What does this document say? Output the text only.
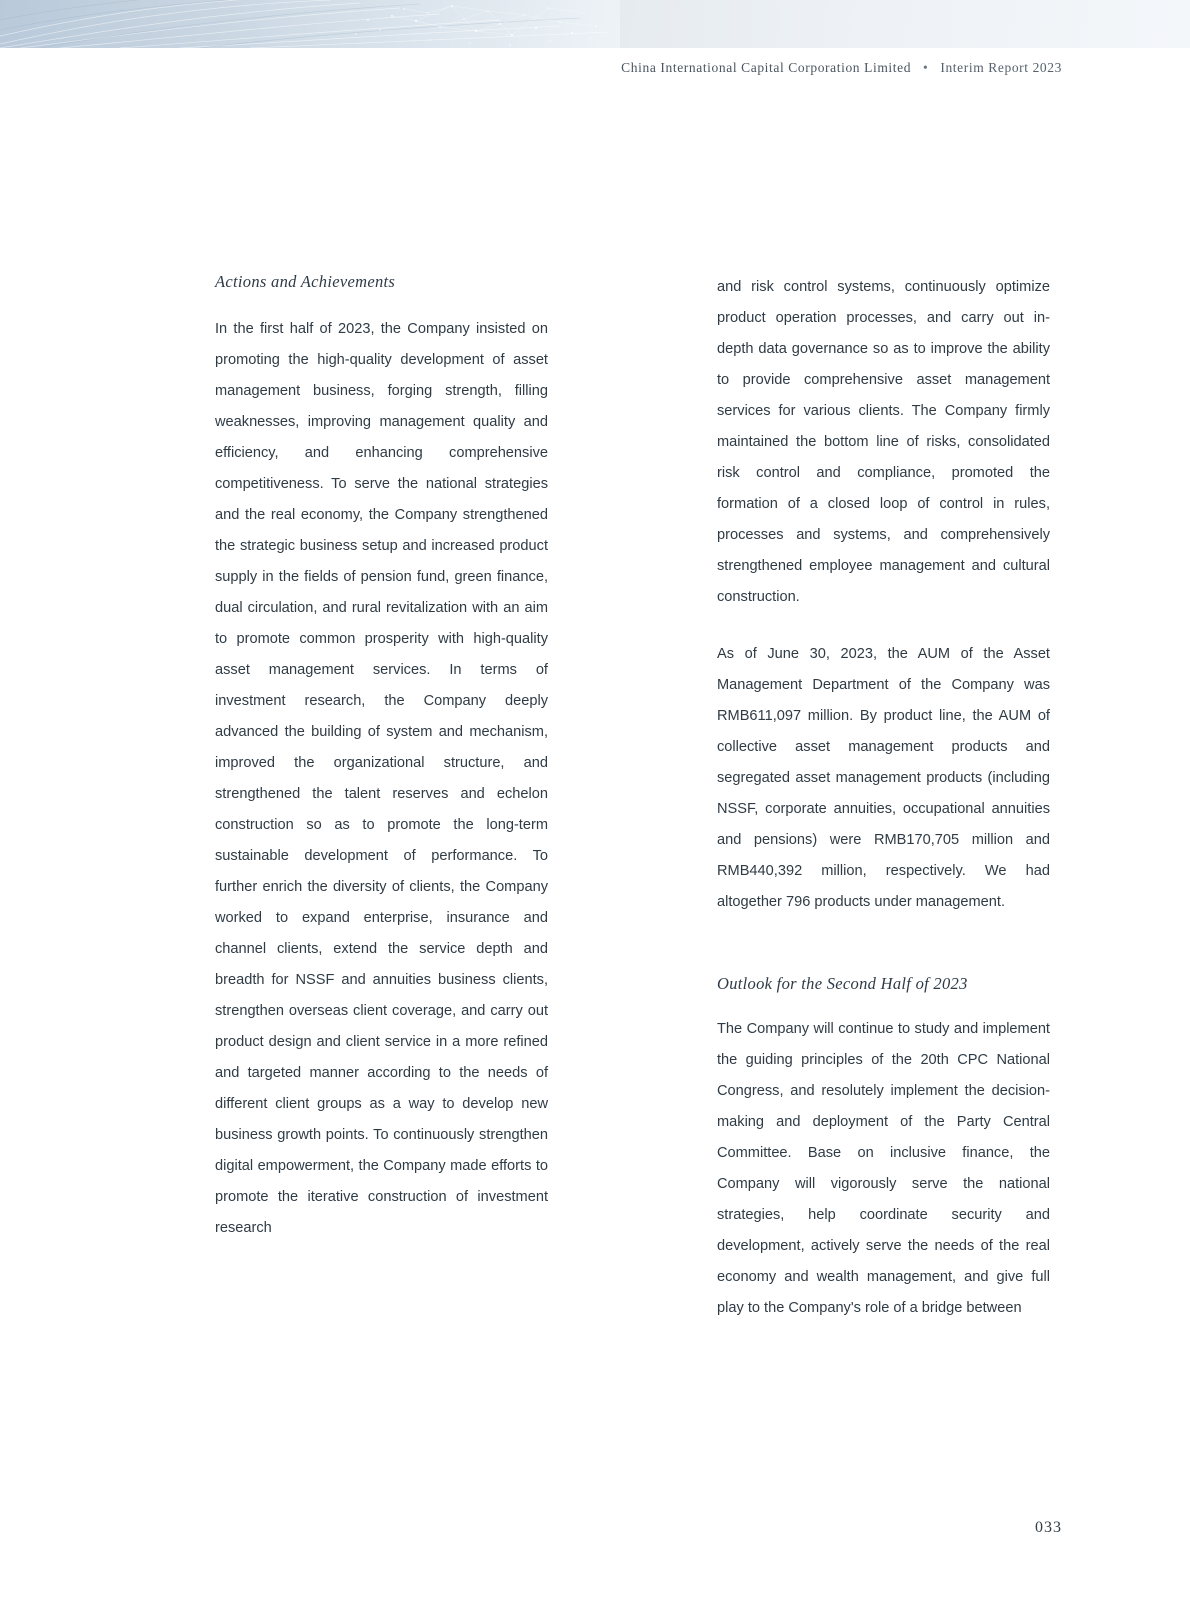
China International Capital Corporation Limited • Interim Report 2023
Actions and Achievements

In the first half of 2023, the Company insisted on promoting the high-quality development of asset management business, forging strength, filling weaknesses, improving management quality and efficiency, and enhancing comprehensive competitiveness. To serve the national strategies and the real economy, the Company strengthened the strategic business setup and increased product supply in the fields of pension fund, green finance, dual circulation, and rural revitalization with an aim to promote common prosperity with high-quality asset management services. In terms of investment research, the Company deeply advanced the building of system and mechanism, improved the organizational structure, and strengthened the talent reserves and echelon construction so as to promote the long-term sustainable development of performance. To further enrich the diversity of clients, the Company worked to expand enterprise, insurance and channel clients, extend the service depth and breadth for NSSF and annuities business clients, strengthen overseas client coverage, and carry out product design and client service in a more refined and targeted manner according to the needs of different client groups as a way to develop new business growth points. To continuously strengthen digital empowerment, the Company made efforts to promote the iterative construction of investment research

and risk control systems, continuously optimize product operation processes, and carry out in-depth data governance so as to improve the ability to provide comprehensive asset management services for various clients. The Company firmly maintained the bottom line of risks, consolidated risk control and compliance, promoted the formation of a closed loop of control in rules, processes and systems, and comprehensively strengthened employee management and cultural construction.

As of June 30, 2023, the AUM of the Asset Management Department of the Company was RMB611,097 million. By product line, the AUM of collective asset management products and segregated asset management products (including NSSF, corporate annuities, occupational annuities and pensions) were RMB170,705 million and RMB440,392 million, respectively. We had altogether 796 products under management.

Outlook for the Second Half of 2023

The Company will continue to study and implement the guiding principles of the 20th CPC National Congress, and resolutely implement the decision-making and deployment of the Party Central Committee. Base on inclusive finance, the Company will vigorously serve the national strategies, help coordinate security and development, actively serve the needs of the real economy and wealth management, and give full play to the Company's role of a bridge between

033
